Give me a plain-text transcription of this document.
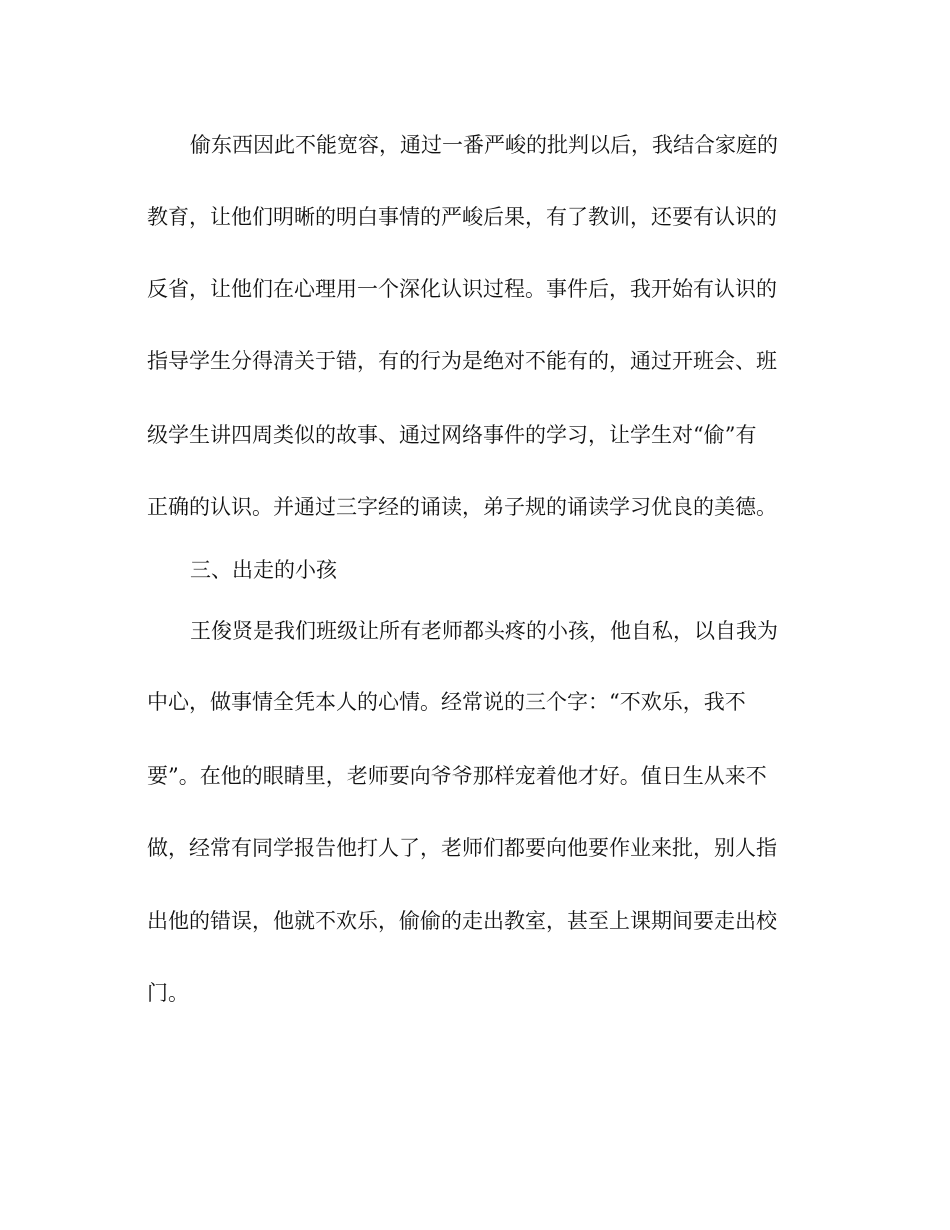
偷东西因此不能宽容，通过一番严峻的批判以后，我结合家庭的
教育，让他们明晰的明白事情的严峻后果，有了教训，还要有认识的
反省，让他们在心理用一个深化认识过程。事件后，我开始有认识的
指导学生分得清关于错，有的行为是绝对不能有的，通过开班会、班
级学生讲四周类似的故事、通过网络事件的学习，让学生对“偷”有
正确的认识。并通过三字经的诵读，弟子规的诵读学习优良的美德。
三、出走的小孩
王俊贤是我们班级让所有老师都头疼的小孩，他自私，以自我为
中心，做事情全凭本人的心情。经常说的三个字：“不欢乐，我不
要”。在他的眼睛里，老师要向爷爷那样宠着他才好。值日生从来不
做，经常有同学报告他打人了，老师们都要向他要作业来批，别人指
出他的错误，他就不欢乐，偷偷的走出教室，甚至上课期间要走出校
门。
